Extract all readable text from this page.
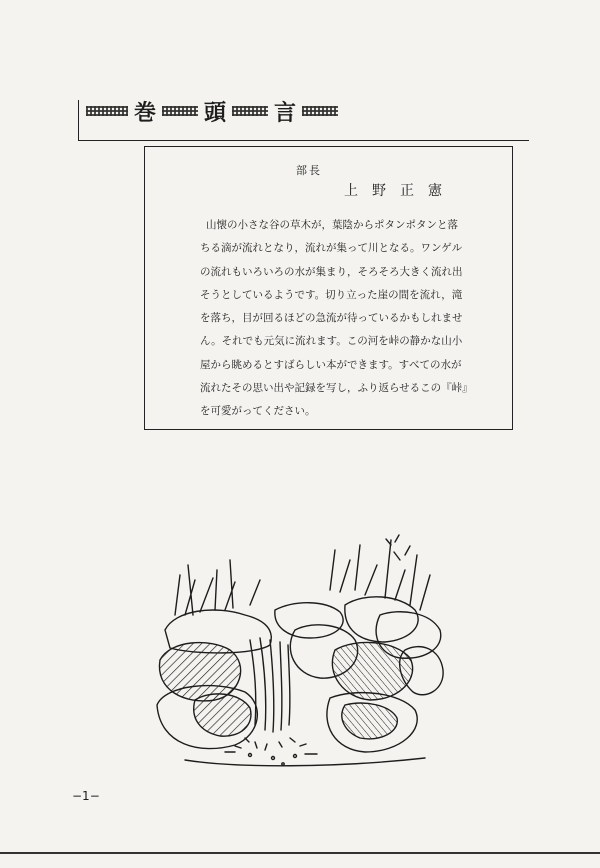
巻 頭 言
部長
上野正憲
山懐の小さな谷の草木が，葉陰からポタンポタンと落
ちる滴が流れとなり，流れが集って川となる。ワンゲル
の流れもいろいろの水が集まり，そろそろ大きく流れ出
そうとしているようです。切り立った崖の間を流れ，滝
を落ち，目が回るほどの急流が待っているかもしれませ
ん。それでも元気に流れます。この河を峠の静かな山小
屋から眺めるとすばらしい本ができます。すべての水が
流れたその思い出や記録を写し，ふり返らせるこの『峠』
を可愛がってください。
−1−
